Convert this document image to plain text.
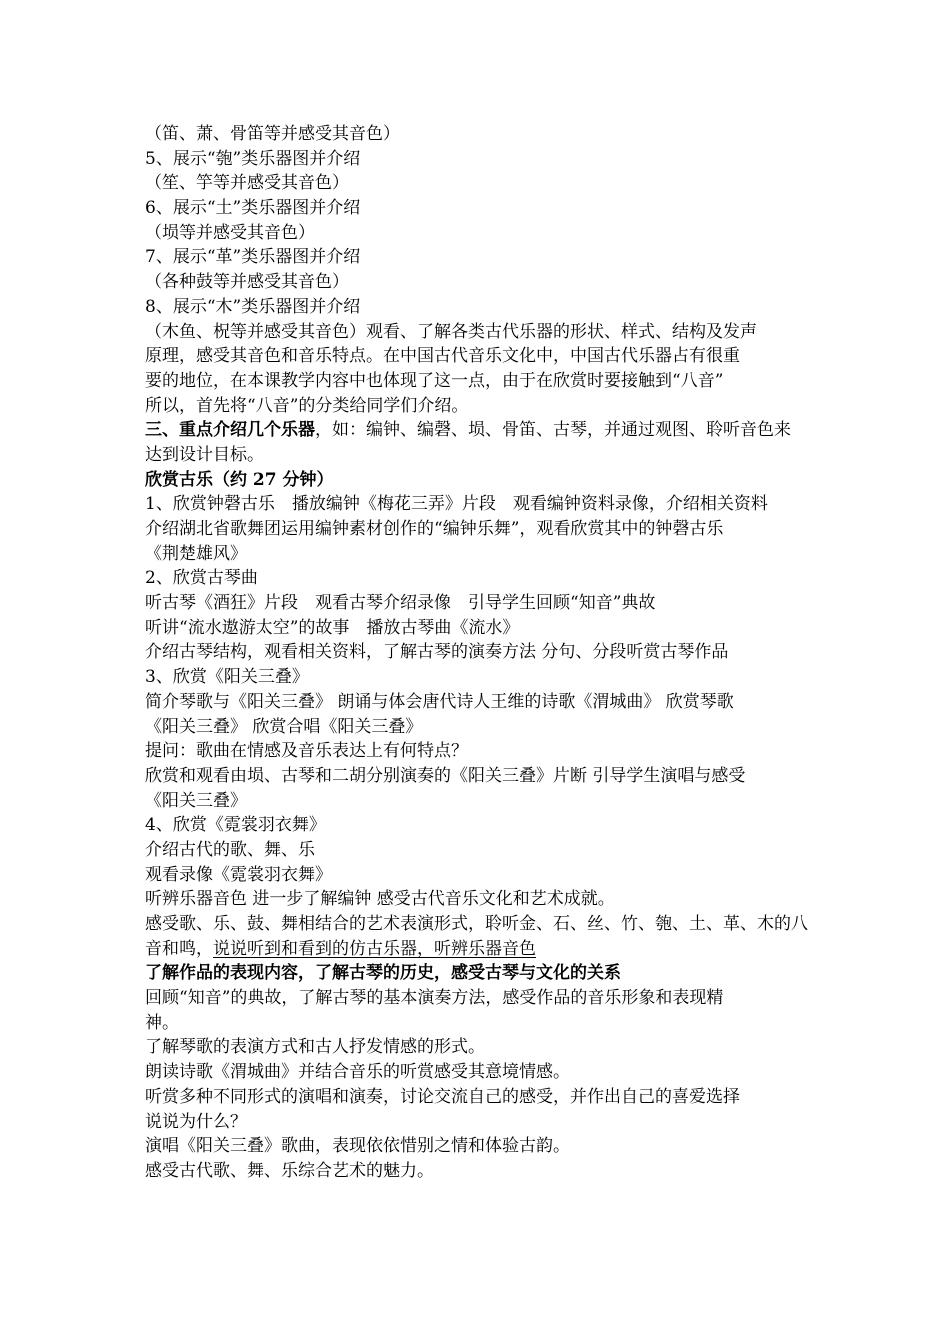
（笛、萧、骨笛等并感受其音色）
5、展示“匏”类乐器图并介绍
（笙、竽等并感受其音色）
6、展示“土”类乐器图并介绍
（埙等并感受其音色）
7、展示“革”类乐器图并介绍
（各种鼓等并感受其音色）
8、展示“木”类乐器图并介绍
（木鱼、柷等并感受其音色）观看、了解各类古代乐器的形状、样式、结构及发声
原理，感受其音色和音乐特点。在中国古代音乐文化中，中国古代乐器占有很重
要的地位，在本课教学内容中也体现了这一点，由于在欣赏时要接触到“八音”
所以，首先将“八音”的分类给同学们介绍。
三、重点介绍几个乐器，如：编钟、编磬、埙、骨笛、古琴，并通过观图、聆听音色来
达到设计目标。
欣赏古乐（约 27 分钟）
1、欣赏钟磬古乐　播放编钟《梅花三弄》片段　观看编钟资料录像，介绍相关资料
介绍湖北省歌舞团运用编钟素材创作的“编钟乐舞”，观看欣赏其中的钟磬古乐
《荆楚雄风》
2、欣赏古琴曲
听古琴《酒狂》片段　观看古琴介绍录像　引导学生回顾“知音”典故
听讲“流水遨游太空”的故事　播放古琴曲《流水》
介绍古琴结构，观看相关资料，了解古琴的演奏方法 分句、分段听赏古琴作品
3、欣赏《阳关三叠》
简介琴歌与《阳关三叠》 朗诵与体会唐代诗人王维的诗歌《渭城曲》 欣赏琴歌
《阳关三叠》 欣赏合唱《阳关三叠》
提问：歌曲在情感及音乐表达上有何特点？
欣赏和观看由埙、古琴和二胡分别演奏的《阳关三叠》片断 引导学生演唱与感受
《阳关三叠》
4、欣赏《霓裳羽衣舞》
介绍古代的歌、舞、乐
观看录像《霓裳羽衣舞》
听辨乐器音色 进一步了解编钟 感受古代音乐文化和艺术成就。
感受歌、乐、鼓、舞相结合的艺术表演形式，聆听金、石、丝、竹、匏、土、革、木的八
音和鸣，说说听到和看到的仿古乐器，听辨乐器音色
了解作品的表现内容，了解古琴的历史，感受古琴与文化的关系
回顾“知音”的典故，了解古琴的基本演奏方法，感受作品的音乐形象和表现精
神。
了解琴歌的表演方式和古人抒发情感的形式。
朗读诗歌《渭城曲》并结合音乐的听赏感受其意境情感。
听赏多种不同形式的演唱和演奏，讨论交流自己的感受，并作出自己的喜爱选择
说说为什么？
演唱《阳关三叠》歌曲，表现依依惜别之情和体验古韵。
感受古代歌、舞、乐综合艺术的魅力。
